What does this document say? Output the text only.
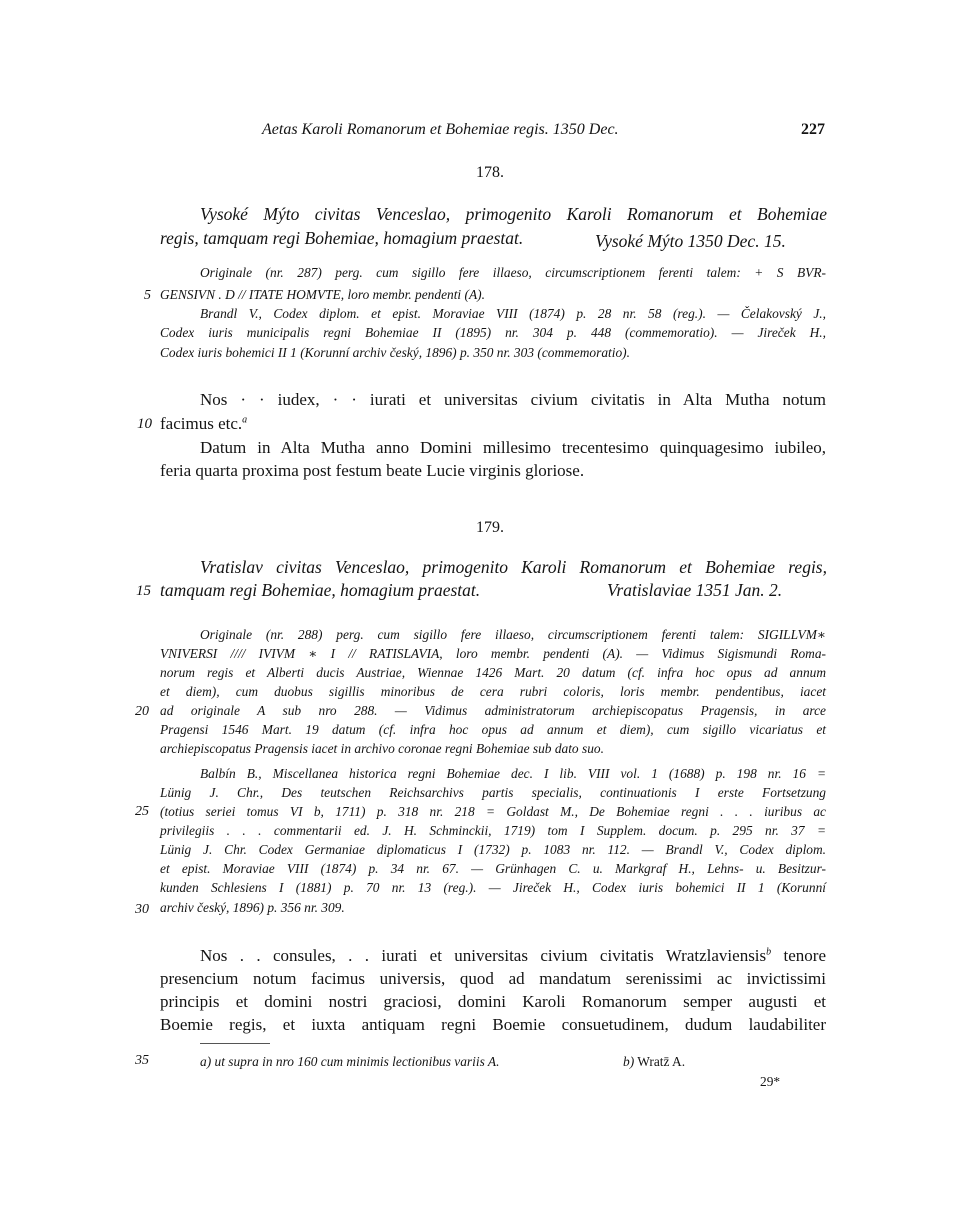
Aetas Karoli Romanorum et Bohemiae regis. 1350 Dec.	227
178.
Vysoké Mýto civitas Venceslao, primogenito Karoli Romanorum et Bohemiae
regis, tamquam regi Bohemiae, homagium praestat.	Vysoké Mýto 1350 Dec. 15.
Originale (nr. 287) perg. cum sigillo fere illaeso, circumscriptionem ferenti talem: + S BVR-
GENSIVN . D // ITATE HOMVTE, loro membr. pendenti (A).
Brandl V., Codex diplom. et epist. Moraviae VIII (1874) p. 28 nr. 58 (reg.). — Čelakovský J.,
Codex iuris municipalis regni Bohemiae II (1895) nr. 304 p. 448 (commemoratio). — Jireček H.,
Codex iuris bohemici II 1 (Korunní archiv český, 1896) p. 350 nr. 303 (commemoratio).
Nos · · iudex, · · iurati et universitas civium civitatis in Alta Mutha notum
facimus etc.$^a$
Datum in Alta Mutha anno Domini millesimo trecentesimo quinquagesimo iubileo,
feria quarta proxima post festum beate Lucie virginis gloriose.
179.
Vratislav civitas Venceslao, primogenito Karoli Romanorum et Bohemiae regis,
tamquam regi Bohemiae, homagium praestat.	Vratislaviae 1351 Jan. 2.
Originale (nr. 288) perg. cum sigillo fere illaeso, circumscriptionem ferenti talem: SIGILLVM∗
VNIVERSI //// IVIVM ∗ I // RATISLAVIA, loro membr. pendenti (A). — Vidimus Sigismundi Roma-
norum regis et Alberti ducis Austriae, Wiennae 1426 Mart. 20 datum (cf. infra hoc opus ad annum
et diem), cum duobus sigillis minoribus de cera rubri coloris, loris membr. pendentibus, iacet
ad originale A sub nro 288. — Vidimus administratorum archiepiscopatus Pragensis, in arce
Pragensi 1546 Mart. 19 datum (cf. infra hoc opus ad annum et diem), cum sigillo vicariatus et
archiepiscopatus Pragensis iacet in archivo coronae regni Bohemiae sub dato suo.
Balbín B., Miscellanea historica regni Bohemiae dec. I lib. VIII vol. 1 (1688) p. 198 nr. 16 =
Lünig J. Chr., Des teutschen Reichsarchivs partis specialis, continuationis I erste Fortsetzung
(totius seriei tomus VI b, 1711) p. 318 nr. 218 = Goldast M., De Bohemiae regni . . . iuribus ac
privilegiis . . . commentarii ed. J. H. Schminckii, 1719) tom I Supplem. docum. p. 295 nr. 37 =
Lünig J. Chr. Codex Germaniae diplomaticus I (1732) p. 1083 nr. 112. — Brandl V., Codex diplom.
et epist. Moraviae VIII (1874) p. 34 nr. 67. — Grünhagen C. u. Markgraf H., Lehns- u. Besitzur-
kunden Schlesiens I (1881) p. 70 nr. 13 (reg.). — Jireček H., Codex iuris bohemici II 1 (Korunní
archiv český, 1896) p. 356 nr. 309.
Nos . . consules, . . iurati et universitas civium civitatis Wratzlaviensis$^b$ tenore
presencium notum facimus universis, quod ad mandatum serenissimi ac invictissimi
principis et domini nostri graciosi, domini Karoli Romanorum semper augusti et
Boemie regis, et iuxta antiquam regni Boemie consuetudinem, dudum laudabiliter
5
10
15
20
25
30
35	a) ut supra in nro 160 cum minimis lectionibus variis A.	b) Wratz̄ A.
29*
